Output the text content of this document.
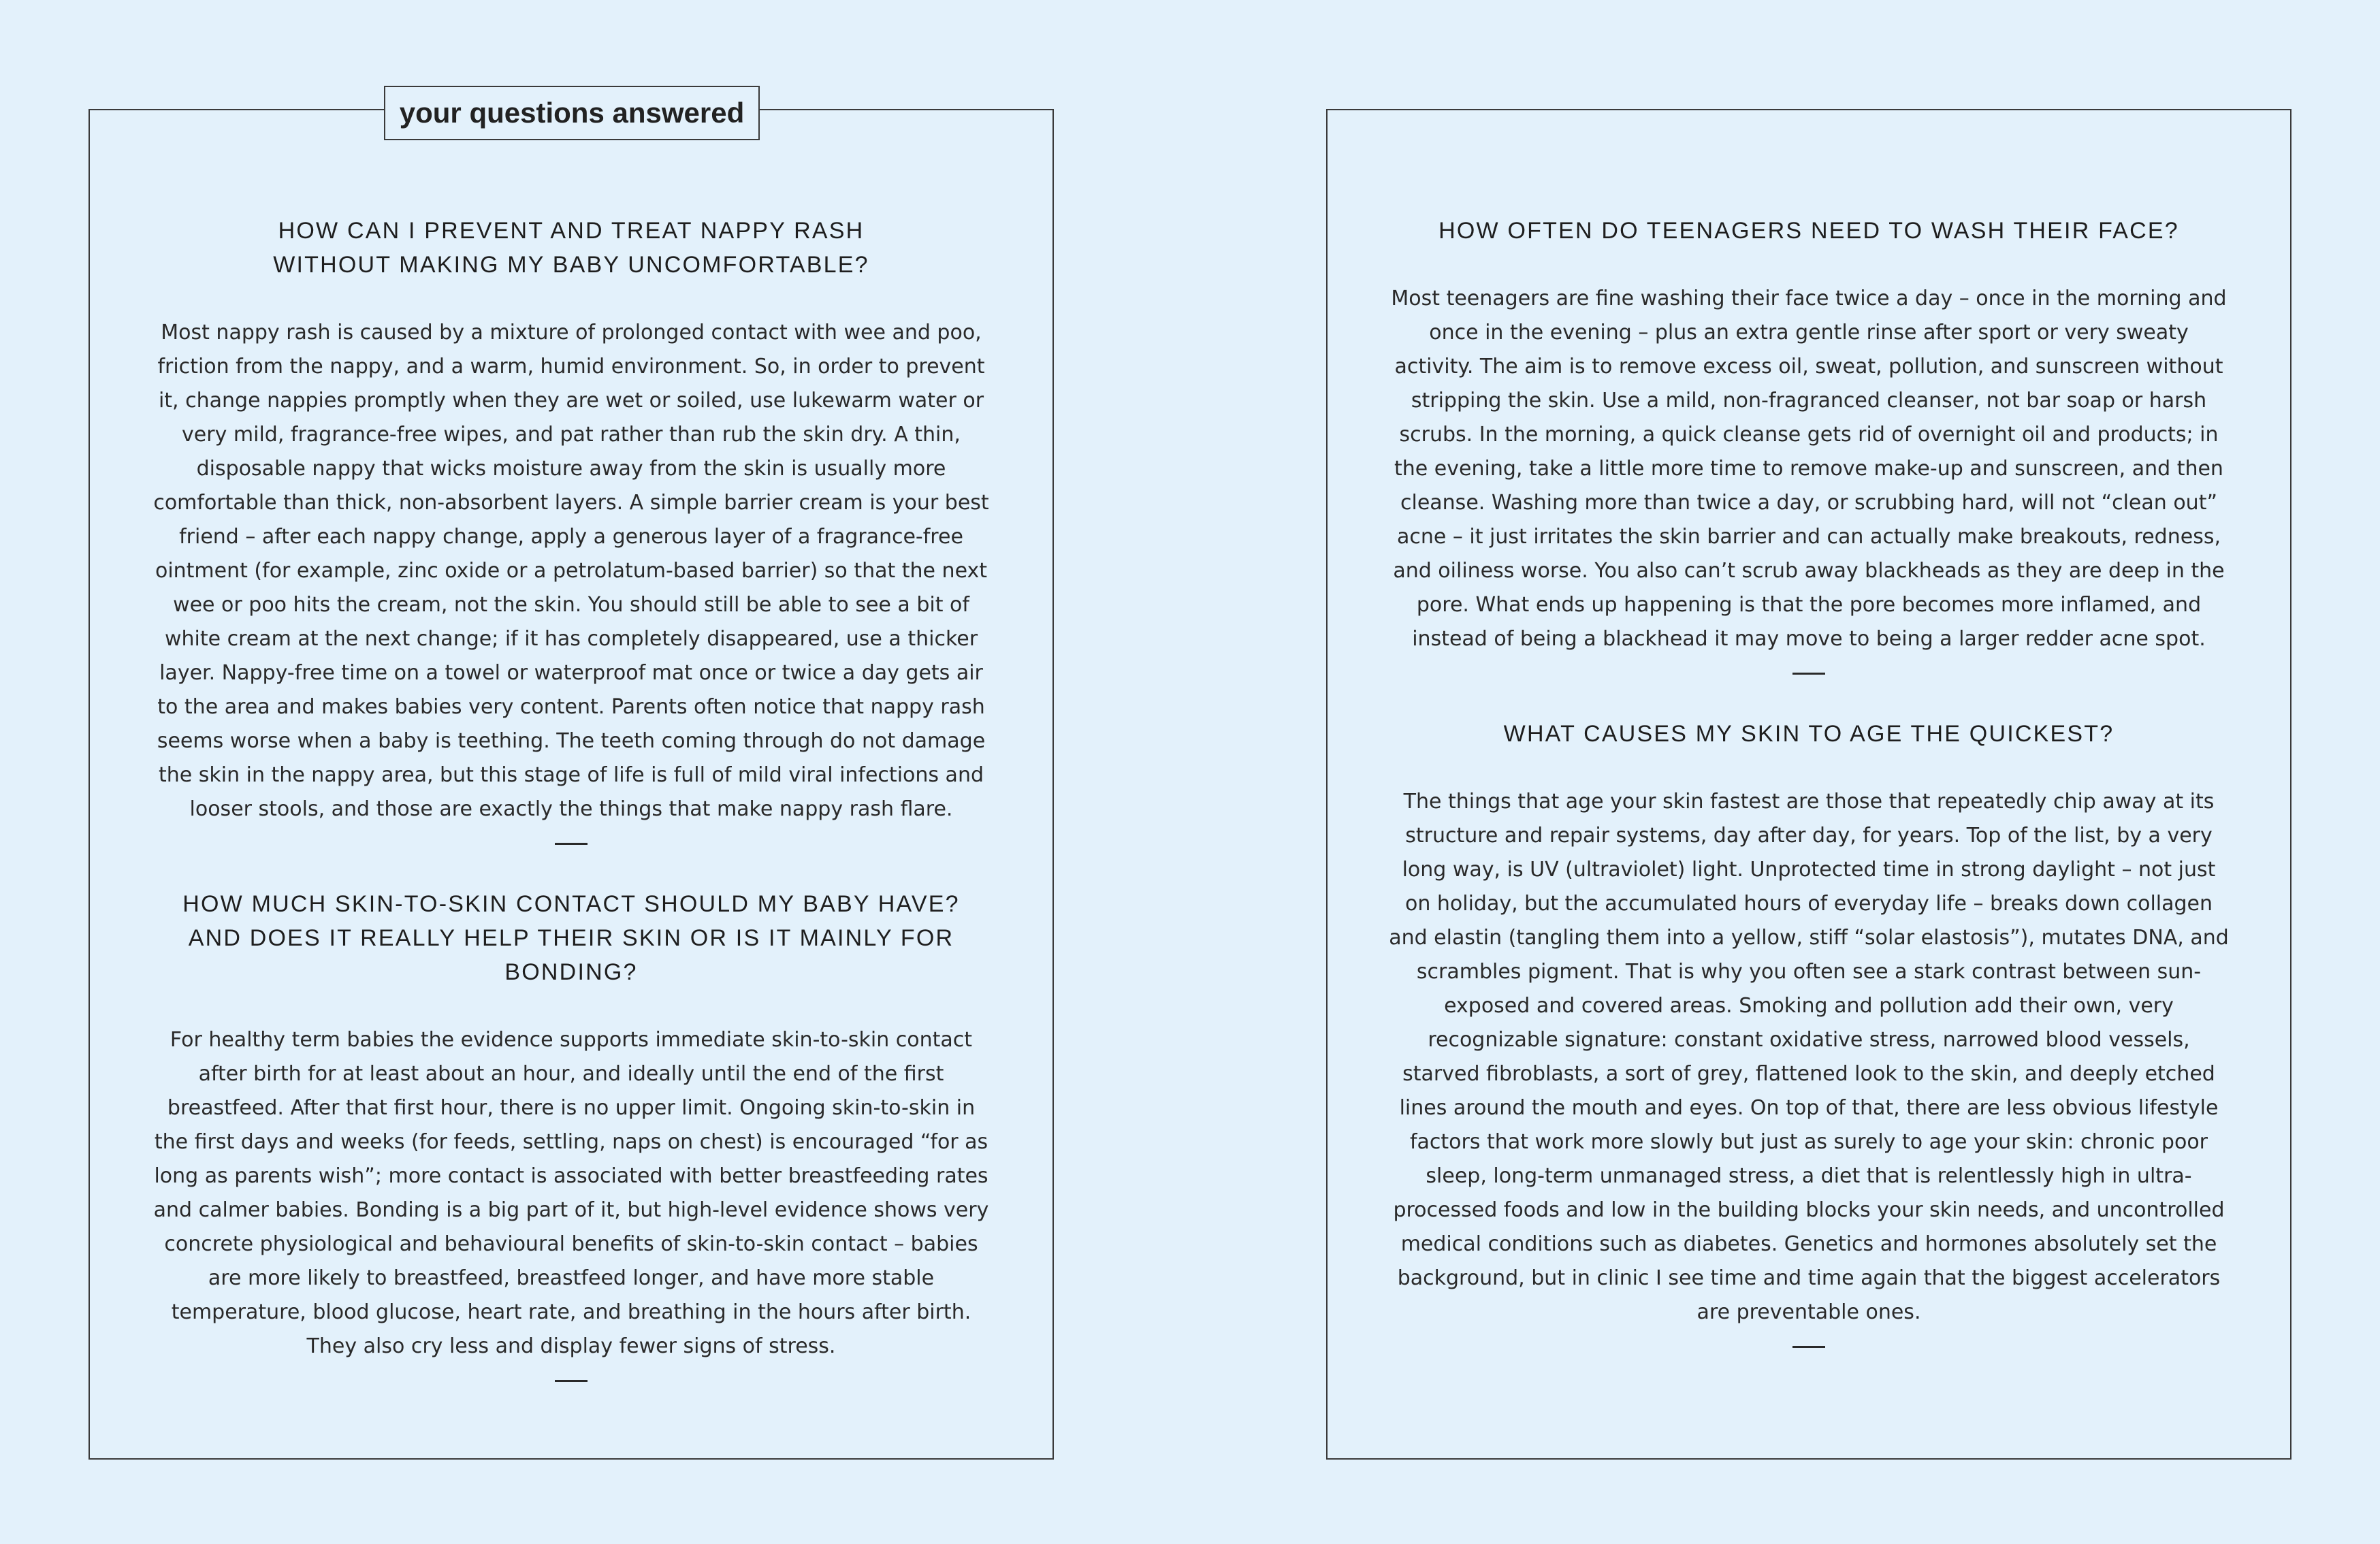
your questions answered

HOW CAN I PREVENT AND TREAT NAPPY RASH WITHOUT MAKING MY BABY UNCOMFORTABLE?

Most nappy rash is caused by a mixture of prolonged contact with wee and poo, friction from the nappy, and a warm, humid environment. So, in order to prevent it, change nappies promptly when they are wet or soiled, use lukewarm water or very mild, fragrance-free wipes, and pat rather than rub the skin dry. A thin, disposable nappy that wicks moisture away from the skin is usually more comfortable than thick, non-absorbent layers. A simple barrier cream is your best friend – after each nappy change, apply a generous layer of a fragrance-free ointment (for example, zinc oxide or a petrolatum-based barrier) so that the next wee or poo hits the cream, not the skin. You should still be able to see a bit of white cream at the next change; if it has completely disappeared, use a thicker layer. Nappy-free time on a towel or waterproof mat once or twice a day gets air to the area and makes babies very content. Parents often notice that nappy rash seems worse when a baby is teething. The teeth coming through do not damage the skin in the nappy area, but this stage of life is full of mild viral infections and looser stools, and those are exactly the things that make nappy rash flare.

HOW MUCH SKIN-TO-SKIN CONTACT SHOULD MY BABY HAVE? AND DOES IT REALLY HELP THEIR SKIN OR IS IT MAINLY FOR BONDING?

For healthy term babies the evidence supports immediate skin-to-skin contact after birth for at least about an hour, and ideally until the end of the first breastfeed. After that first hour, there is no upper limit. Ongoing skin-to-skin in the first days and weeks (for feeds, settling, naps on chest) is encouraged “for as long as parents wish”; more contact is associated with better breastfeeding rates and calmer babies. Bonding is a big part of it, but high-level evidence shows very concrete physiological and behavioural benefits of skin-to-skin contact – babies are more likely to breastfeed, breastfeed longer, and have more stable temperature, blood glucose, heart rate, and breathing in the hours after birth. They also cry less and display fewer signs of stress.

HOW OFTEN DO TEENAGERS NEED TO WASH THEIR FACE?

Most teenagers are fine washing their face twice a day – once in the morning and once in the evening – plus an extra gentle rinse after sport or very sweaty activity. The aim is to remove excess oil, sweat, pollution, and sunscreen without stripping the skin. Use a mild, non-fragranced cleanser, not bar soap or harsh scrubs. In the morning, a quick cleanse gets rid of overnight oil and products; in the evening, take a little more time to remove make-up and sunscreen, and then cleanse. Washing more than twice a day, or scrubbing hard, will not “clean out” acne – it just irritates the skin barrier and can actually make breakouts, redness, and oiliness worse. You also can’t scrub away blackheads as they are deep in the pore. What ends up happening is that the pore becomes more inflamed, and instead of being a blackhead it may move to being a larger redder acne spot.

WHAT CAUSES MY SKIN TO AGE THE QUICKEST?

The things that age your skin fastest are those that repeatedly chip away at its structure and repair systems, day after day, for years. Top of the list, by a very long way, is UV (ultraviolet) light. Unprotected time in strong daylight – not just on holiday, but the accumulated hours of everyday life – breaks down collagen and elastin (tangling them into a yellow, stiff “solar elastosis”), mutates DNA, and scrambles pigment. That is why you often see a stark contrast between sun-exposed and covered areas. Smoking and pollution add their own, very recognizable signature: constant oxidative stress, narrowed blood vessels, starved fibroblasts, a sort of grey, flattened look to the skin, and deeply etched lines around the mouth and eyes. On top of that, there are less obvious lifestyle factors that work more slowly but just as surely to age your skin: chronic poor sleep, long-term unmanaged stress, a diet that is relentlessly high in ultra-processed foods and low in the building blocks your skin needs, and uncontrolled medical conditions such as diabetes. Genetics and hormones absolutely set the background, but in clinic I see time and time again that the biggest accelerators are preventable ones.
